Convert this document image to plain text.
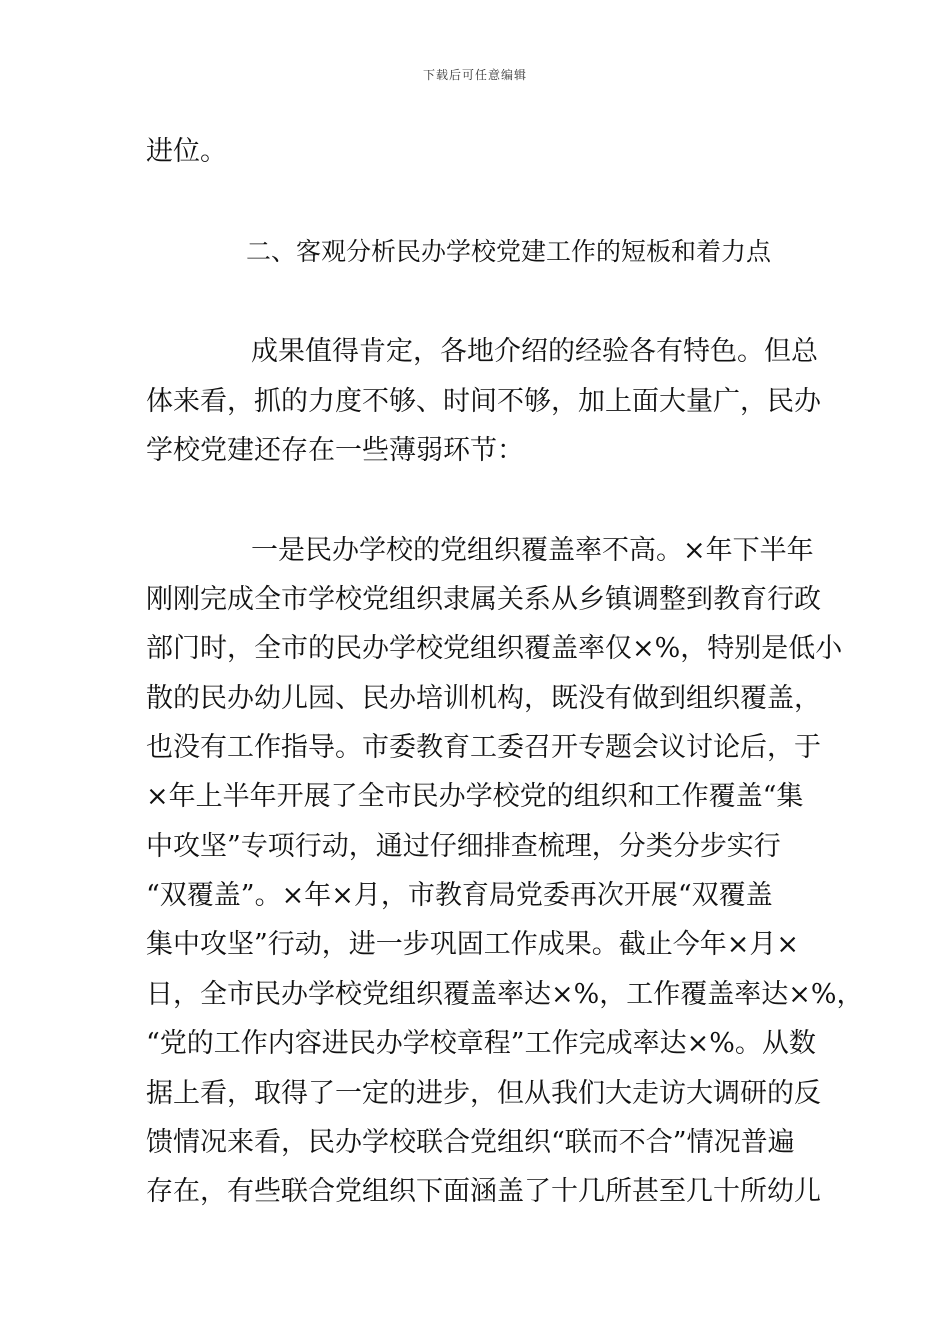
下载后可任意编辑
进位。
二、客观分析民办学校党建工作的短板和着力点
成果值得肯定，各地介绍的经验各有特色。但总
体来看，抓的力度不够、时间不够，加上面大量广，民办
学校党建还存在一些薄弱环节：
一是民办学校的党组织覆盖率不高。×年下半年
刚刚完成全市学校党组织隶属关系从乡镇调整到教育行政
部门时，全市的民办学校党组织覆盖率仅×%，特别是低小
散的民办幼儿园、民办培训机构，既没有做到组织覆盖，
也没有工作指导。市委教育工委召开专题会议讨论后，于
×年上半年开展了全市民办学校党的组织和工作覆盖“集
中攻坚”专项行动，通过仔细排查梳理，分类分步实行
“双覆盖”。×年×月，市教育局党委再次开展“双覆盖
集中攻坚”行动，进一步巩固工作成果。截止今年×月×
日，全市民办学校党组织覆盖率达×%，工作覆盖率达×%，
“党的工作内容进民办学校章程”工作完成率达×%。从数
据上看，取得了一定的进步，但从我们大走访大调研的反
馈情况来看，民办学校联合党组织“联而不合”情况普遍
存在，有些联合党组织下面涵盖了十几所甚至几十所幼儿
